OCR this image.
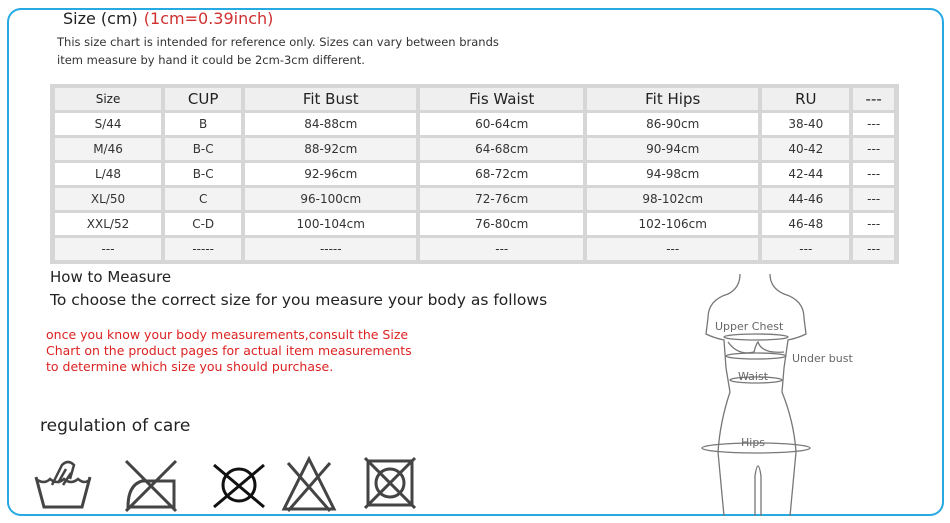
Size (cm) (1cm=0.39inch)
This size chart is intended for reference only. Sizes can vary between brands
item measure by hand it could be 2cm-3cm different.
Size	CUP	Fit Bust	Fis Waist	Fit Hips	RU	---
S/44	B	84-88cm	60-64cm	86-90cm	38-40	---
M/46	B-C	88-92cm	64-68cm	90-94cm	40-42	---
L/48	B-C	92-96cm	68-72cm	94-98cm	42-44	---
XL/50	C	96-100cm	72-76cm	98-102cm	44-46	---
XXL/52	C-D	100-104cm	76-80cm	102-106cm	46-48	---
---	-----	-----	---	---	---	---
How to Measure
To choose the correct size for you measure your body as follows
once you know your body measurements,consult the Size
Chart on the product pages for actual item measurements
to determine which size you should purchase.
regulation of care
Upper Chest
Under bust
Waist
Hips
